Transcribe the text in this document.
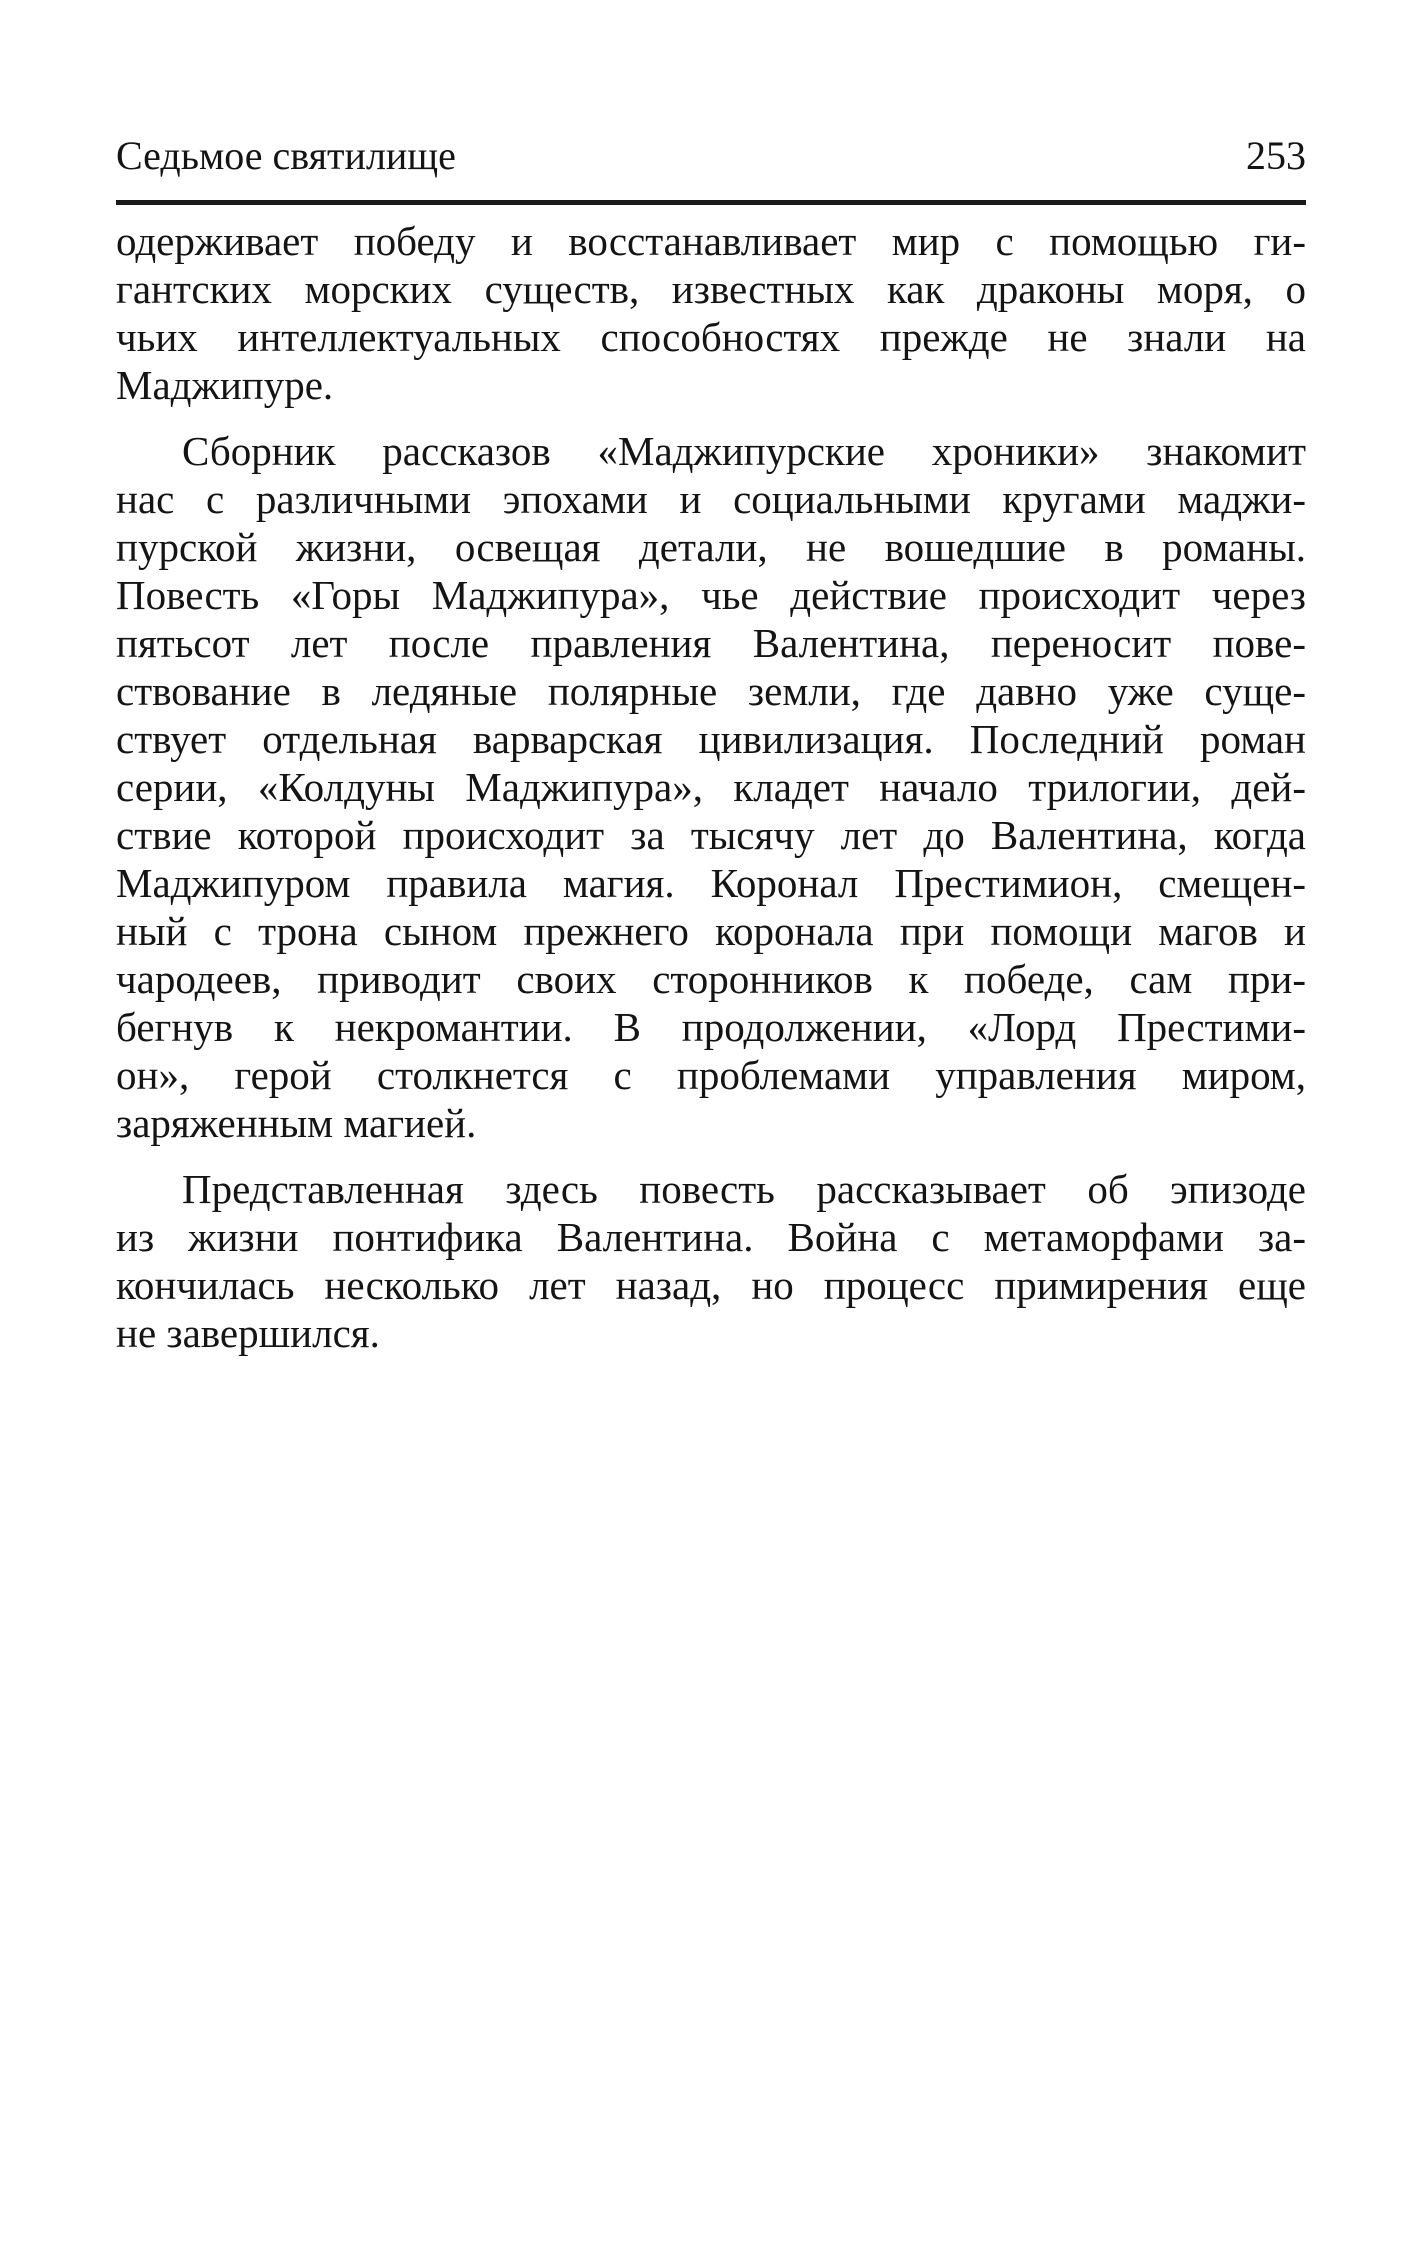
Седьмое святилище	253

одерживает победу и восстанавливает мир с помощью ги-
гантских морских существ, известных как драконы моря, о
чьих интеллектуальных способностях прежде не знали на
Маджипуре.

Сборник рассказов «Маджипурские хроники» знакомит
нас с различными эпохами и социальными кругами маджи-
пурской жизни, освещая детали, не вошедшие в романы.
Повесть «Горы Маджипура», чье действие происходит через
пятьсот лет после правления Валентина, переносит пове-
ствование в ледяные полярные земли, где давно уже суще-
ствует отдельная варварская цивилизация. Последний роман
серии, «Колдуны Маджипура», кладет начало трилогии, дей-
ствие которой происходит за тысячу лет до Валентина, когда
Маджипуром правила магия. Коронал Престимион, смещен-
ный с трона сыном прежнего коронала при помощи магов и
чародеев, приводит своих сторонников к победе, сам при-
бегнув к некромантии. В продолжении, «Лорд Престими-
он», герой столкнется с проблемами управления миром,
заряженным магией.

Представленная здесь повесть рассказывает об эпизоде
из жизни понтифика Валентина. Война с метаморфами за-
кончилась несколько лет назад, но процесс примирения еще
не завершился.
